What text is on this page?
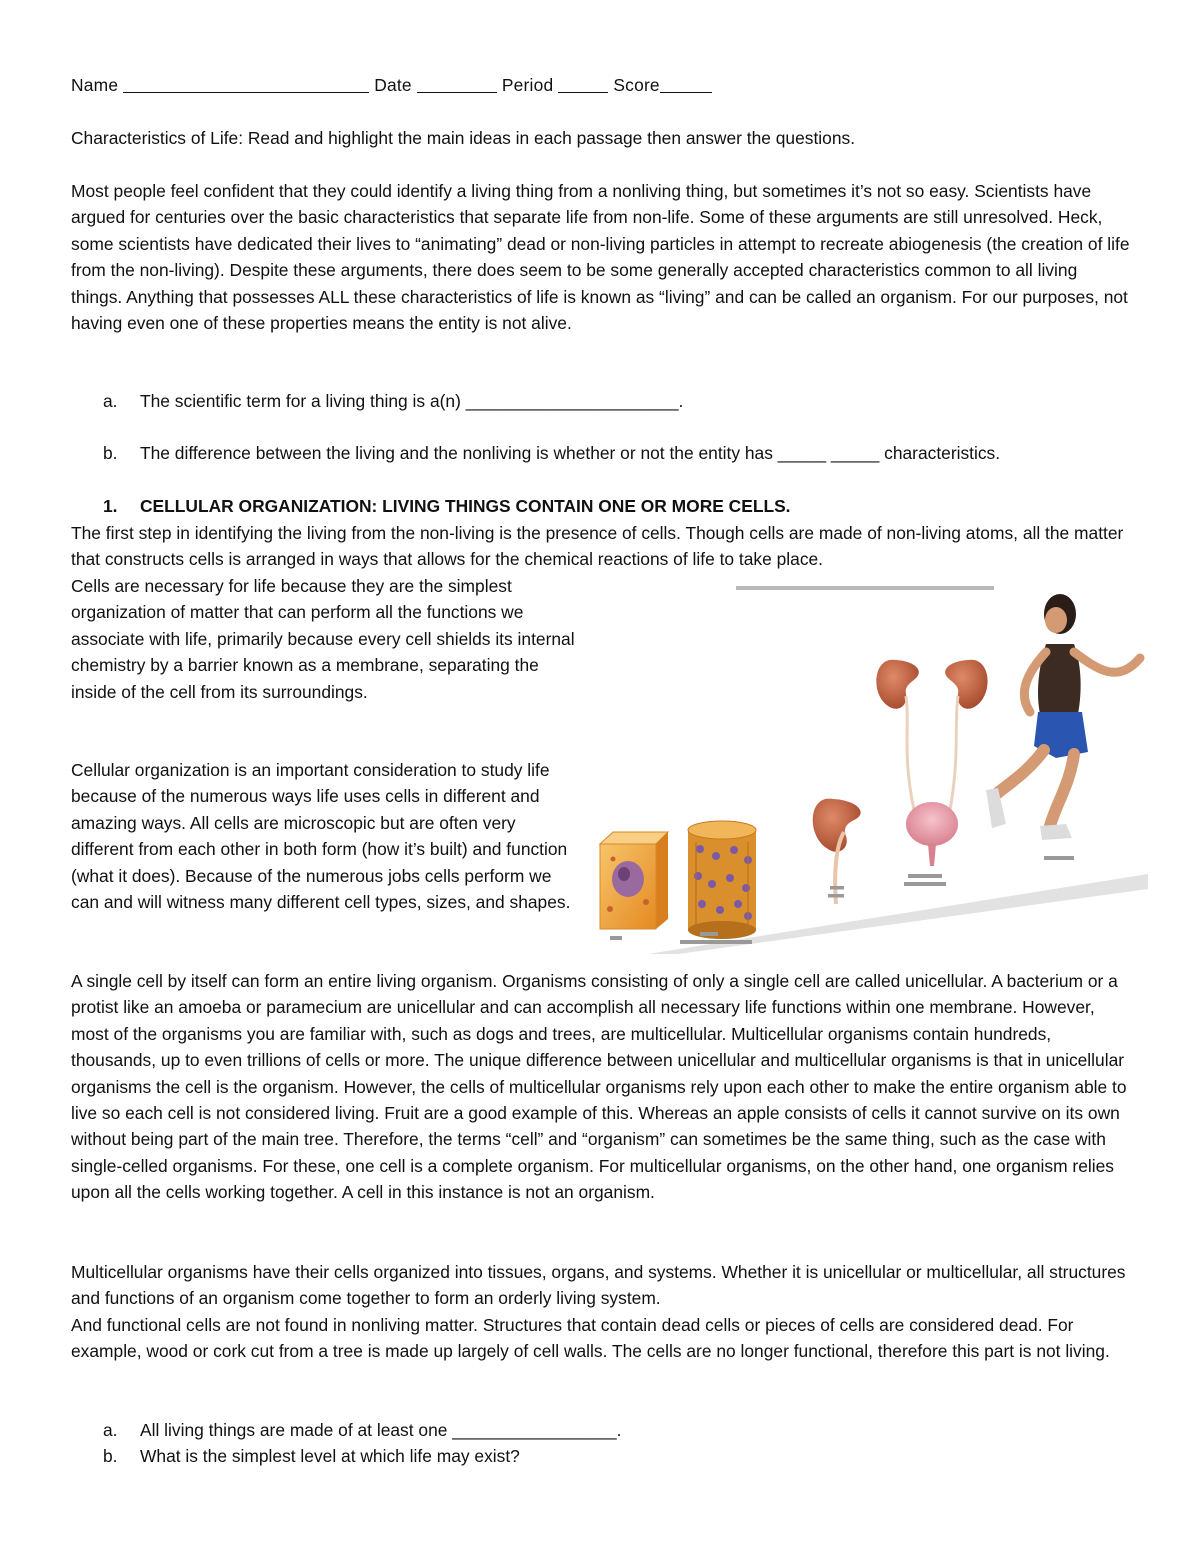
Name	Date	Period	Score

Characteristics of Life: Read and highlight the main ideas in each passage then answer the questions.

Most people feel confident that they could identify a living thing from a nonliving thing, but sometimes it’s not so easy. Scientists have argued for centuries over the basic characteristics that separate life from non-life. Some of these arguments are still unresolved. Heck, some scientists have dedicated their lives to “animating” dead or non-living particles in attempt to recreate abiogenesis (the creation of life from the non-living). Despite these arguments, there does seem to be some generally accepted characteristics common to all living things. Anything that possesses ALL these characteristics of life is known as “living” and can be called an organism. For our purposes, not having even one of these properties means the entity is not alive.

a. The scientific term for a living thing is a(n) ______________________.

b. The difference between the living and the nonliving is whether or not the entity has _____ _____ characteristics.

1. CELLULAR ORGANIZATION: LIVING THINGS CONTAIN ONE OR MORE CELLS.

The first step in identifying the living from the non-living is the presence of cells. Though cells are made of non-living atoms, all the matter that constructs cells is arranged in ways that allows for the chemical reactions of life to take place.

Cells are necessary for life because they are the simplest organization of matter that can perform all the functions we associate with life, primarily because every cell shields its internal chemistry by a barrier known as a membrane, separating the inside of the cell from its surroundings.

Cellular organization is an important consideration to study life because of the numerous ways life uses cells in different and amazing ways. All cells are microscopic but are often very different from each other in both form (how it’s built) and function (what it does). Because of the numerous jobs cells perform we can and will witness many different cell types, sizes, and shapes.

A single cell by itself can form an entire living organism. Organisms consisting of only a single cell are called unicellular. A bacterium or a protist like an amoeba or paramecium are unicellular and can accomplish all necessary life functions within one membrane. However, most of the organisms you are familiar with, such as dogs and trees, are multicellular. Multicellular organisms contain hundreds, thousands, up to even trillions of cells or more. The unique difference between unicellular and multicellular organisms is that in unicellular organisms the cell is the organism. However, the cells of multicellular organisms rely upon each other to make the entire organism able to live so each cell is not considered living. Fruit are a good example of this. Whereas an apple consists of cells it cannot survive on its own without being part of the main tree. Therefore, the terms “cell” and “organism” can sometimes be the same thing, such as the case with single-celled organisms. For these, one cell is a complete organism. For multicellular organisms, on the other hand, one organism relies upon all the cells working together. A cell in this instance is not an organism.

Multicellular organisms have their cells organized into tissues, organs, and systems. Whether it is unicellular or multicellular, all structures and functions of an organism come together to form an orderly living system.
And functional cells are not found in nonliving matter. Structures that contain dead cells or pieces of cells are considered dead. For example, wood or cork cut from a tree is made up largely of cell walls. The cells are no longer functional, therefore this part is not living.

a. All living things are made of at least one _________________.

b. What is the simplest level at which life may exist?
